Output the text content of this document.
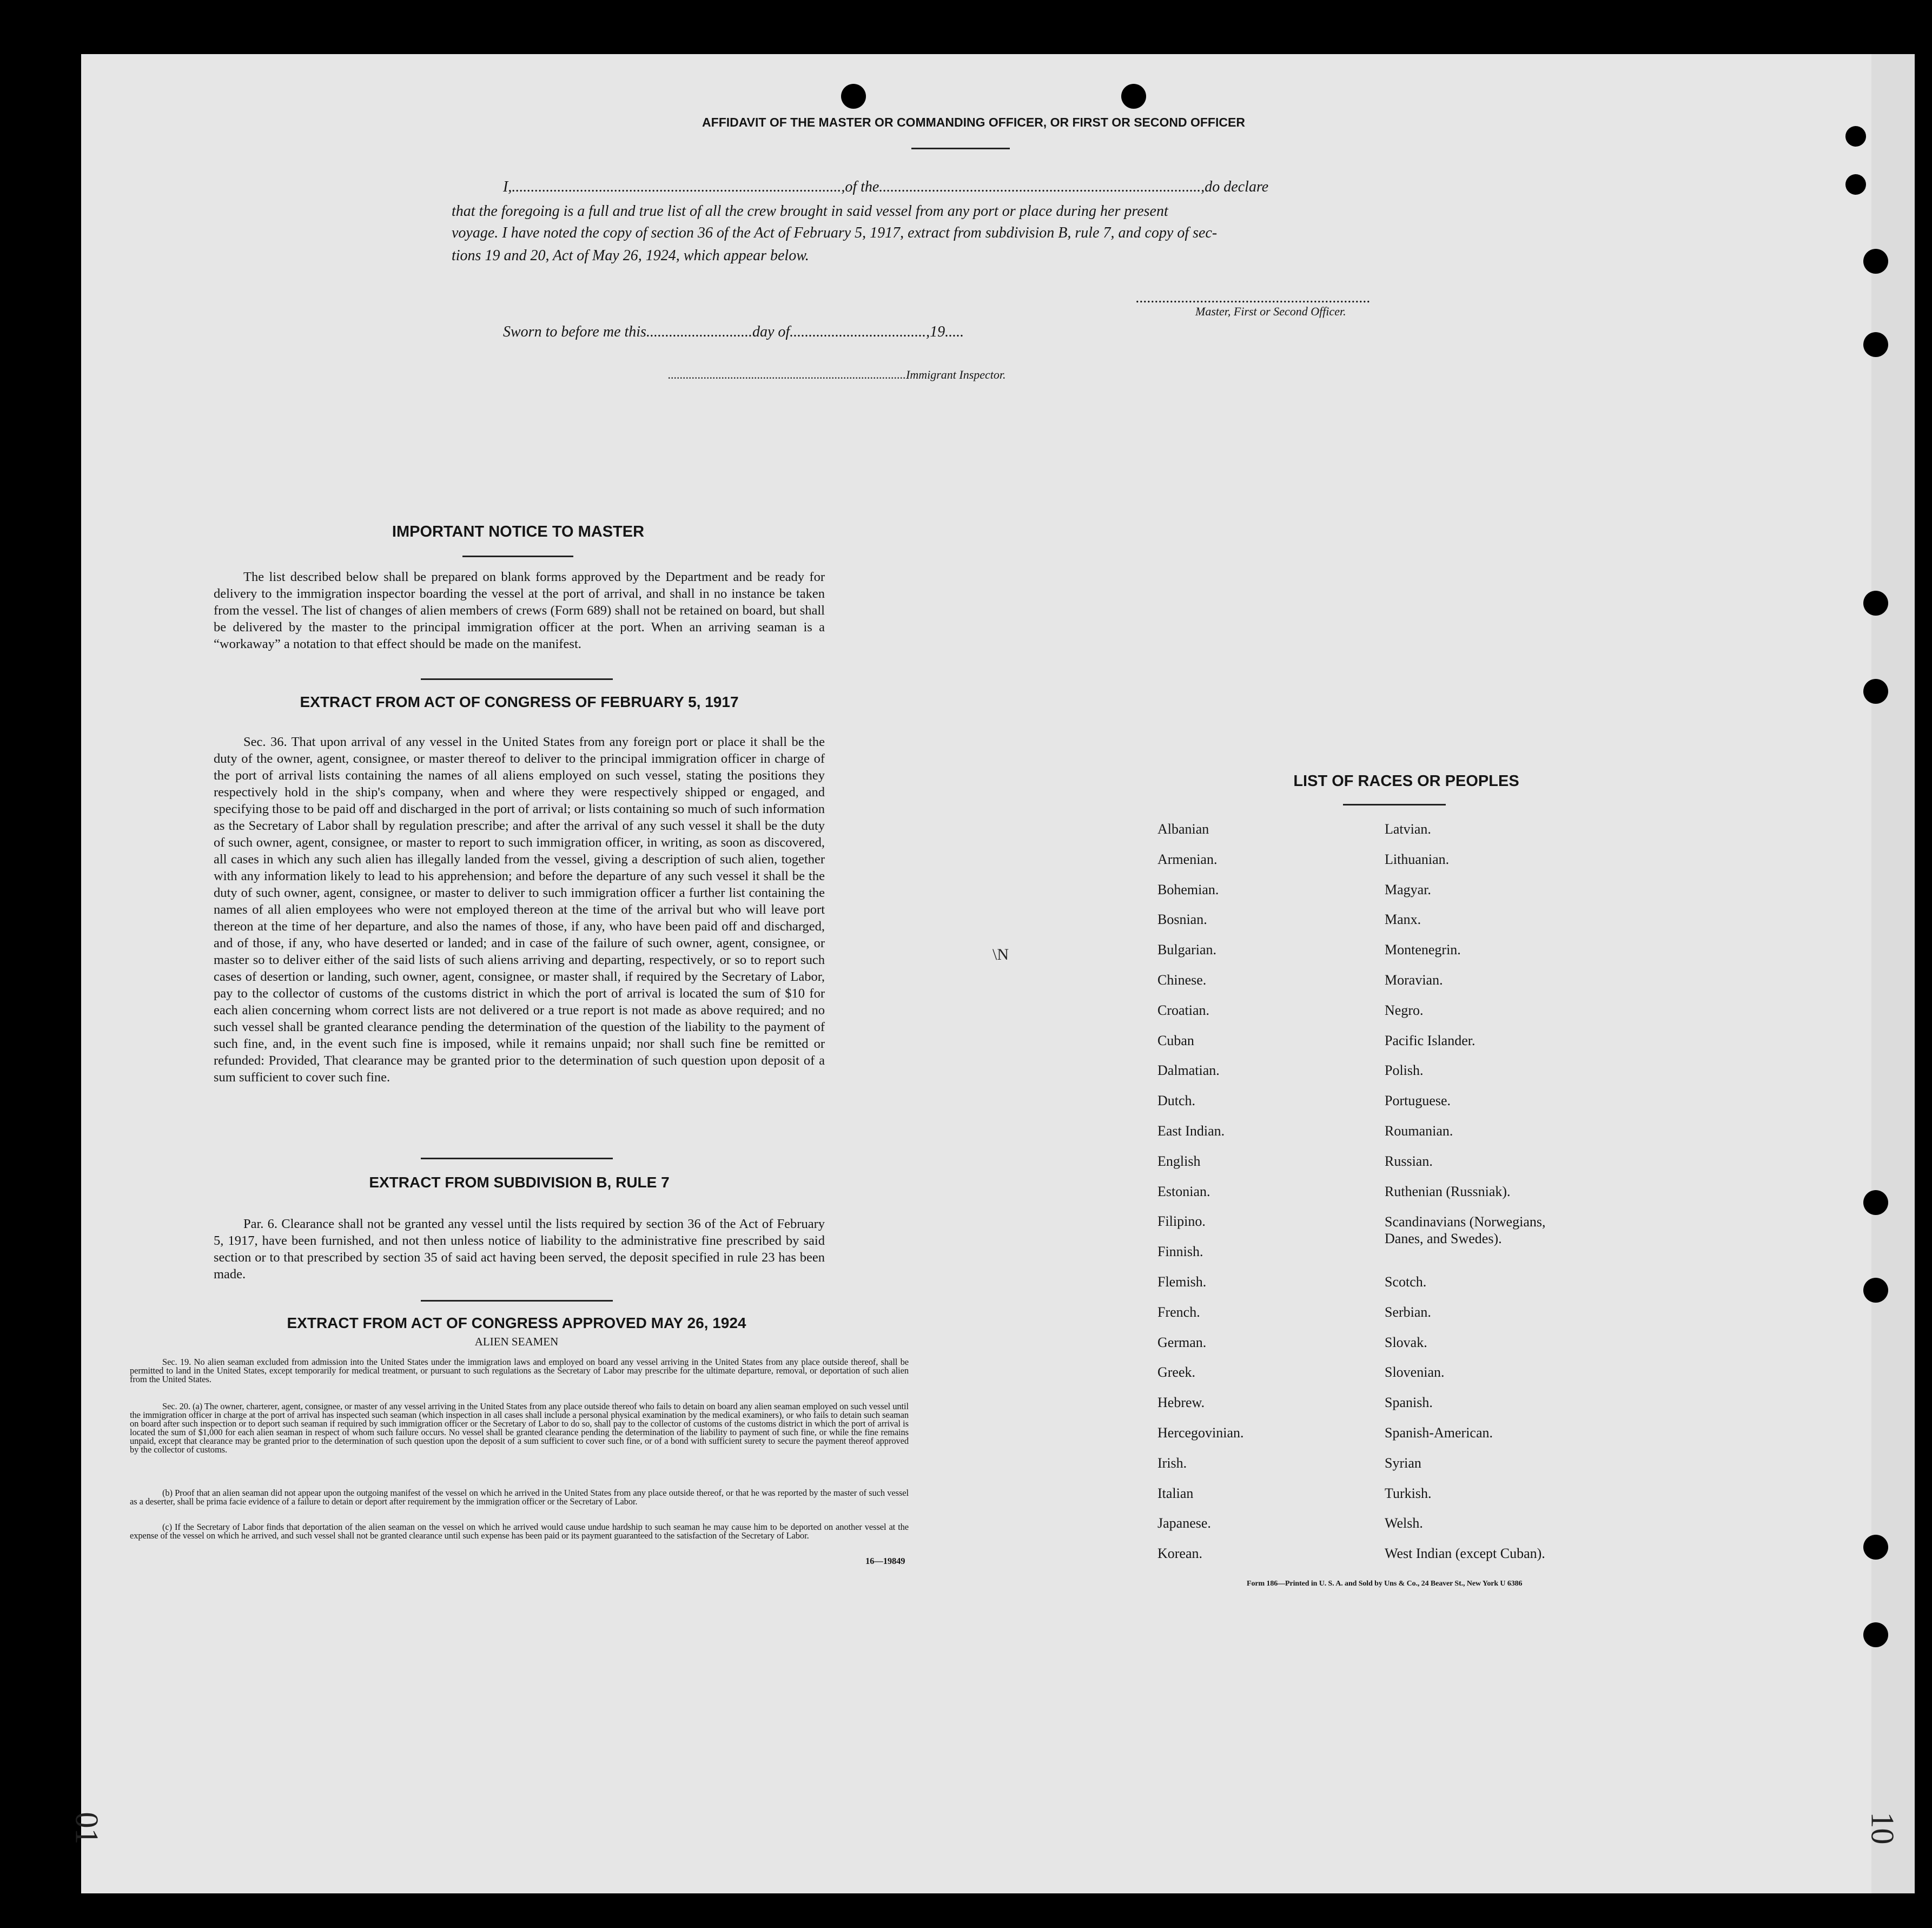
AFFIDAVIT OF THE MASTER OR COMMANDING OFFICER, OR FIRST OR SECOND OFFICER
I,.......................................................................................,of the.....................................................................................,do declare
that the foregoing is a full and true list of all the crew brought in said vessel from any port or place during her present
voyage. I have noted the copy of section 36 of the Act of February 5, 1917, extract from subdivision B, rule 7, and copy of sec-
tions 19 and 20, Act of May 26, 1924, which appear below.
..............................................................
Master, First or Second Officer.
Sworn to before me this............................day of....................................,19.....
................................................................................Immigrant Inspector.
IMPORTANT NOTICE TO MASTER
The list described below shall be prepared on blank forms approved by the Department and be ready for delivery to the immigration inspector boarding the vessel at the port of arrival, and shall in no instance be taken from the vessel. The list of changes of alien members of crews (Form 689) shall not be retained on board, but shall be delivered by the master to the principal immigration officer at the port. When an arriving seaman is a “workaway” a notation to that effect should be made on the manifest.
EXTRACT FROM ACT OF CONGRESS OF FEBRUARY 5, 1917
Sec. 36. That upon arrival of any vessel in the United States from any foreign port or place it shall be the duty of the owner, agent, consignee, or master thereof to deliver to the principal immigration officer in charge of the port of arrival lists containing the names of all aliens employed on such vessel, stating the positions they respectively hold in the ship's company, when and where they were respectively shipped or engaged, and specifying those to be paid off and discharged in the port of arrival; or lists containing so much of such information as the Secretary of Labor shall by regulation prescribe; and after the arrival of any such vessel it shall be the duty of such owner, agent, consignee, or master to report to such immigration officer, in writing, as soon as discovered, all cases in which any such alien has illegally landed from the vessel, giving a description of such alien, together with any information likely to lead to his apprehension; and before the departure of any such vessel it shall be the duty of such owner, agent, consignee, or master to deliver to such immigration officer a further list containing the names of all alien employees who were not employed thereon at the time of the arrival but who will leave port thereon at the time of her departure, and also the names of those, if any, who have been paid off and discharged, and of those, if any, who have deserted or landed; and in case of the failure of such owner, agent, consignee, or master so to deliver either of the said lists of such aliens arriving and departing, respectively, or so to report such cases of desertion or landing, such owner, agent, consignee, or master shall, if required by the Secretary of Labor, pay to the collector of customs of the customs district in which the port of arrival is located the sum of $10 for each alien concerning whom correct lists are not delivered or a true report is not made as above required; and no such vessel shall be granted clearance pending the determination of the question of the liability to the payment of such fine, and, in the event such fine is imposed, while it remains unpaid; nor shall such fine be remitted or refunded: Provided, That clearance may be granted prior to the determination of such question upon deposit of a sum sufficient to cover such fine.
EXTRACT FROM SUBDIVISION B, RULE 7
Par. 6. Clearance shall not be granted any vessel until the lists required by section 36 of the Act of February 5, 1917, have been furnished, and not then unless notice of liability to the administrative fine prescribed by said section or to that prescribed by section 35 of said act having been served, the deposit specified in rule 23 has been made.
EXTRACT FROM ACT OF CONGRESS APPROVED MAY 26, 1924
ALIEN SEAMEN
Sec. 19. No alien seaman excluded from admission into the United States under the immigration laws and employed on board any vessel arriving in the United States from any place outside thereof, shall be permitted to land in the United States, except temporarily for medical treatment, or pursuant to such regulations as the Secretary of Labor may prescribe for the ultimate departure, removal, or deportation of such alien from the United States.
Sec. 20. (a) The owner, charterer, agent, consignee, or master of any vessel arriving in the United States from any place outside thereof who fails to detain on board any alien seaman employed on such vessel until the immigration officer in charge at the port of arrival has inspected such seaman (which inspection in all cases shall include a personal physical examination by the medical examiners), or who fails to detain such seaman on board after such inspection or to deport such seaman if required by such immigration officer or the Secretary of Labor to do so, shall pay to the collector of customs of the customs district in which the port of arrival is located the sum of $1,000 for each alien seaman in respect of whom such failure occurs. No vessel shall be granted clearance pending the determination of the liability to payment of such fine, or while the fine remains unpaid, except that clearance may be granted prior to the determination of such question upon the deposit of a sum sufficient to cover such fine, or of a bond with sufficient surety to secure the payment thereof approved by the collector of customs.
(b) Proof that an alien seaman did not appear upon the outgoing manifest of the vessel on which he arrived in the United States from any place outside thereof, or that he was reported by the master of such vessel as a deserter, shall be prima facie evidence of a failure to detain or deport after requirement by the immigration officer or the Secretary of Labor.
(c) If the Secretary of Labor finds that deportation of the alien seaman on the vessel on which he arrived would cause undue hardship to such seaman he may cause him to be deported on another vessel at the expense of the vessel on which he arrived, and such vessel shall not be granted clearance until such expense has been paid or its payment guaranteed to the satisfaction of the Secretary of Labor.
16—19849
LIST OF RACES OR PEOPLES
Albanian
Armenian.
Bohemian.
Bosnian.
Bulgarian.
Chinese.
Croatian.
Cuban
Dalmatian.
Dutch.
East Indian.
English
Estonian.
Filipino.
Finnish.
Flemish.
French.
German.
Greek.
Hebrew.
Hercegovinian.
Irish.
Italian
Japanese.
Korean.
Latvian.
Lithuanian.
Magyar.
Manx.
Montenegrin.
Moravian.
Negro.
Pacific Islander.
Polish.
Portuguese.
Roumanian.
Russian.
Ruthenian (Russniak).
Scandinavians (Norwegians, Danes, and Swedes).
Scotch.
Serbian.
Slovak.
Slovenian.
Spanish.
Spanish-American.
Syrian
Turkish.
Welsh.
West Indian (except Cuban).
Form 186—Printed in U. S. A. and Sold by Uns & Co., 24 Beaver St., New York U 6386
\N
01	10
